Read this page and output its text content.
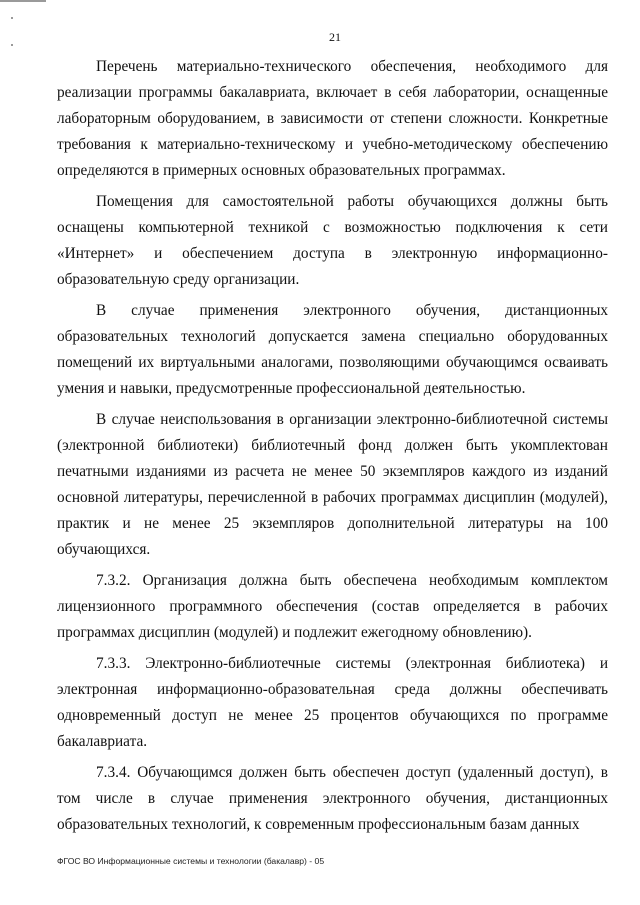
21

Перечень материально-технического обеспечения, необходимого для реализации программы бакалавриата, включает в себя лаборатории, оснащенные лабораторным оборудованием, в зависимости от степени сложности. Конкретные требования к материально-техническому и учебно-методическому обеспечению определяются в примерных основных образовательных программах.

Помещения для самостоятельной работы обучающихся должны быть оснащены компьютерной техникой с возможностью подключения к сети «Интернет» и обеспечением доступа в электронную информационно-образовательную среду организации.

В случае применения электронного обучения, дистанционных образовательных технологий допускается замена специально оборудованных помещений их виртуальными аналогами, позволяющими обучающимся осваивать умения и навыки, предусмотренные профессиональной деятельностью.

В случае неиспользования в организации электронно-библиотечной системы (электронной библиотеки) библиотечный фонд должен быть укомплектован печатными изданиями из расчета не менее 50 экземпляров каждого из изданий основной литературы, перечисленной в рабочих программах дисциплин (модулей), практик и не менее 25 экземпляров дополнительной литературы на 100 обучающихся.

7.3.2. Организация должна быть обеспечена необходимым комплектом лицензионного программного обеспечения (состав определяется в рабочих программах дисциплин (модулей) и подлежит ежегодному обновлению).

7.3.3. Электронно-библиотечные системы (электронная библиотека) и электронная информационно-образовательная среда должны обеспечивать одновременный доступ не менее 25 процентов обучающихся по программе бакалавриата.

7.3.4. Обучающимся должен быть обеспечен доступ (удаленный доступ), в том числе в случае применения электронного обучения, дистанционных образовательных технологий, к современным профессиональным базам данных

ФГОС ВО Информационные системы и технологии (бакалавр) - 05
